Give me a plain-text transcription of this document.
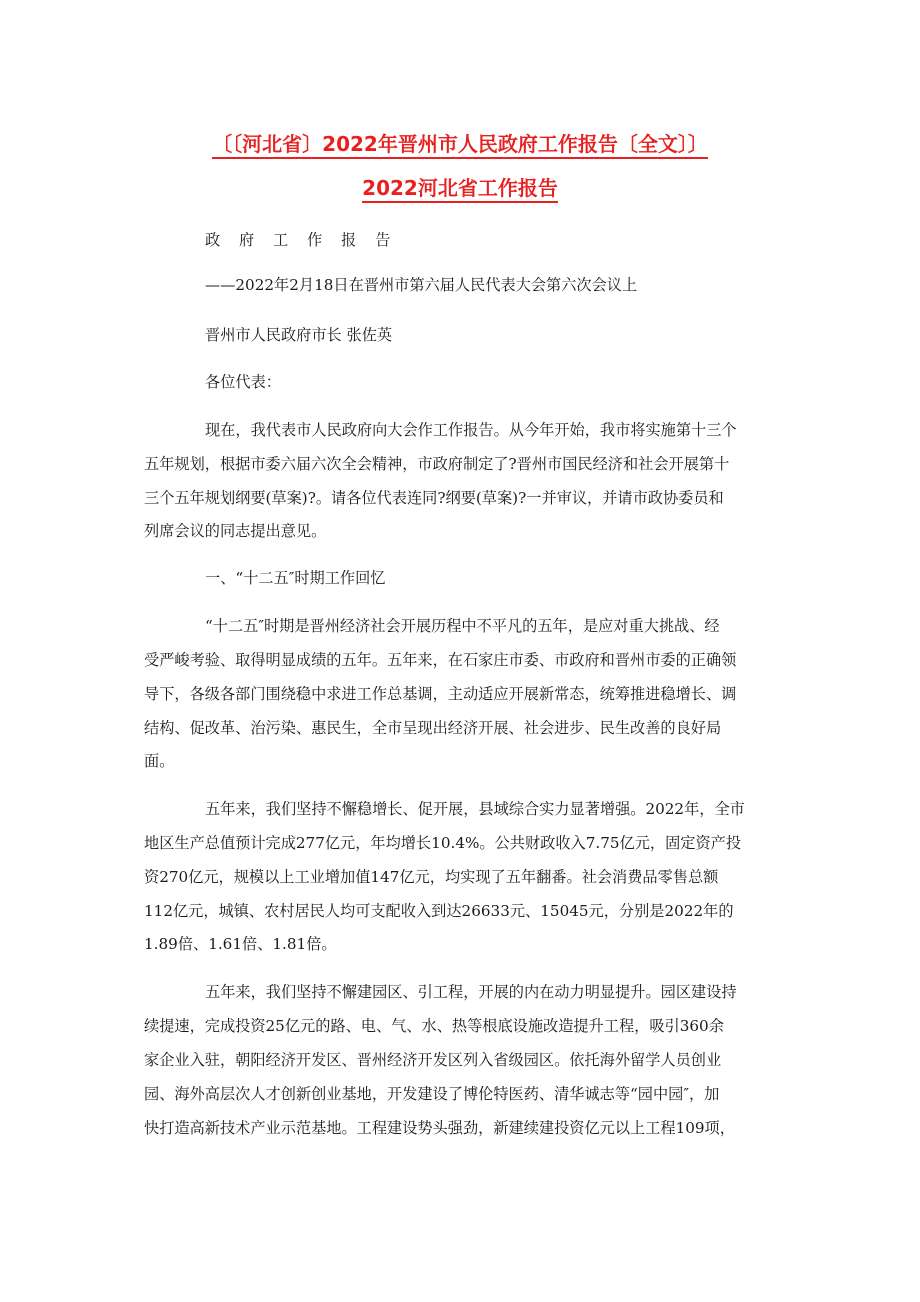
〔〔河北省〕2022年晋州市人民政府工作报告〔全文〕〕
2022河北省工作报告
政 府 工 作 报 告
——2022年2月18日在晋州市第六届人民代表大会第六次会议上
晋州市人民政府市长 张佐英
各位代表：
现在，我代表市人民政府向大会作工作报告。从今年开始，我市将实施第十三个
五年规划，根据市委六届六次全会精神，市政府制定了?晋州市国民经济和社会开展第十
三个五年规划纲要(草案)?。请各位代表连同?纲要(草案)?一并审议，并请市政协委员和
列席会议的同志提出意见。
一、“十二五″时期工作回忆
“十二五″时期是晋州经济社会开展历程中不平凡的五年，是应对重大挑战、经
受严峻考验、取得明显成绩的五年。五年来，在石家庄市委、市政府和晋州市委的正确领
导下，各级各部门围绕稳中求进工作总基调，主动适应开展新常态，统筹推进稳增长、调
结构、促改革、治污染、惠民生，全市呈现出经济开展、社会进步、民生改善的良好局
面。
五年来，我们坚持不懈稳增长、促开展，县域综合实力显著增强。2022年，全市
地区生产总值预计完成277亿元，年均增长10.4%。公共财政收入7.75亿元，固定资产投
资270亿元，规模以上工业增加值147亿元，均实现了五年翻番。社会消费品零售总额
112亿元，城镇、农村居民人均可支配收入到达26633元、15045元，分别是2022年的
1.89倍、1.61倍、1.81倍。
五年来，我们坚持不懈建园区、引工程，开展的内在动力明显提升。园区建设持
续提速，完成投资25亿元的路、电、气、水、热等根底设施改造提升工程，吸引360余
家企业入驻，朝阳经济开发区、晋州经济开发区列入省级园区。依托海外留学人员创业
园、海外高层次人才创新创业基地，开发建设了博伦特医药、清华诚志等“园中园″，加
快打造高新技术产业示范基地。工程建设势头强劲，新建续建投资亿元以上工程109项，
